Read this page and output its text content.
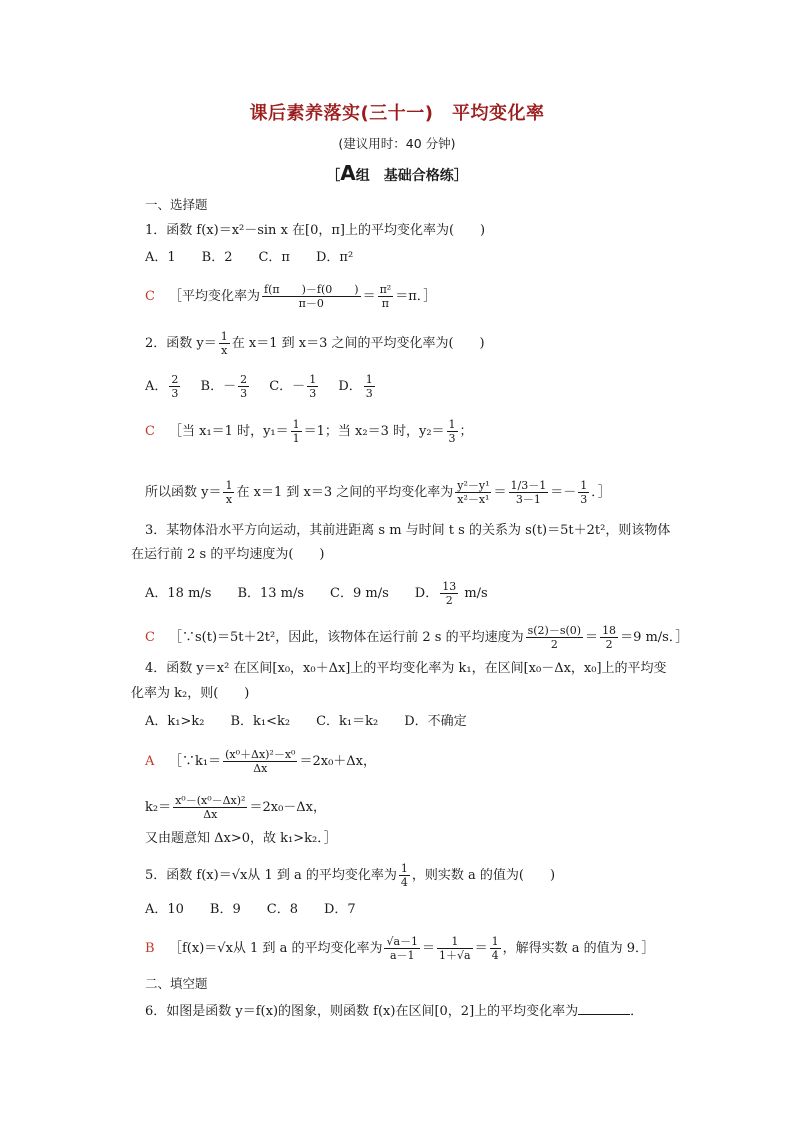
课后素养落实(三十一)　平均变化率
(建议用时：40 分钟)
［A组　基础合格练］
一、选择题
1．函数 f(x)＝x²－sin x 在[0，π]上的平均变化率为(　　)
A．1　　B．2　　C．π　　D．π²
C ［平均变化率为 $\frac{f(\pi )-f(0 )}{\pi-0} = \frac{\text{π²}}{\pi} =\pi$．］
2．函数 $y= \frac{1}{x}$ 在 x＝1 到 x＝3 之间的平均变化率为(　　)
A． $\frac{2}{3}$ B．－ $\frac{2}{3}$ C．－ $\frac{1}{3}$ D． $\frac{1}{3}$
C ［当 x₁＝1 时，$y_1= \frac{1}{1} =1$；当 x₂＝3 时，$y_2= \frac{1}{3}$ ；
所以函数 $y= \frac{1}{x}$ 在 x＝1 到 x＝3 之间的平均变化率为 $\frac{\text{y²－y¹}}{\text{x²－x¹}} = \frac{1/3-1}{3-1} =- \frac{1}{3}$ ．］
3．某物体沿水平方向运动，其前进距离 s m 与时间 t s 的关系为 s(t)＝5t＋2t²，则该物体
在运行前 2 s 的平均速度为(　　)
A．18 m/s　　B．13 m/s　　C．9 m/s　　D． $\frac{13}{2} m/s$
C ［∵s(t)＝5t＋2t²，因此，该物体在运行前 2 s 的平均速度为 $\frac{s(2)-s(0)}{2} = \frac{18}{2} =9$ m/s．］
4．函数 y＝x² 在区间[x₀，x₀＋Δx]上的平均变化率为 k₁，在区间[x₀－Δx，x₀]上的平均变
化率为 k₂，则(　　)
A．k₁>k₂　　B．k₁<k₂　　C．k₁＝k₂　　D．不确定
A ［∵k₁＝ $\frac{\text{(x⁰＋Δx)²－x⁰}}{\Delta x} =2x_0+\Delta x$，
$k_2= \frac{\text{x⁰－(x⁰－Δx)²}}{\Delta x} =2x_0-\Delta x$，
又由题意知 Δx>0，故 k₁>k₂．］
5．函数 f(x)＝√x从 1 到 a 的平均变化率为 $\frac{1}{4}$ ，则实数 a 的值为(　　)
A．10　　B．9　　C．8　　D．7
B ［f(x)＝√x从 1 到 a 的平均变化率为 $\frac{√a-1}{a-1} = \frac{1}{1+√a} = \frac{1}{4}$ ，解得实数 a 的值为 9．］
二、填空题
6．如图是函数 y＝f(x)的图象，则函数 f(x)在区间[0，2]上的平均变化率为	．
